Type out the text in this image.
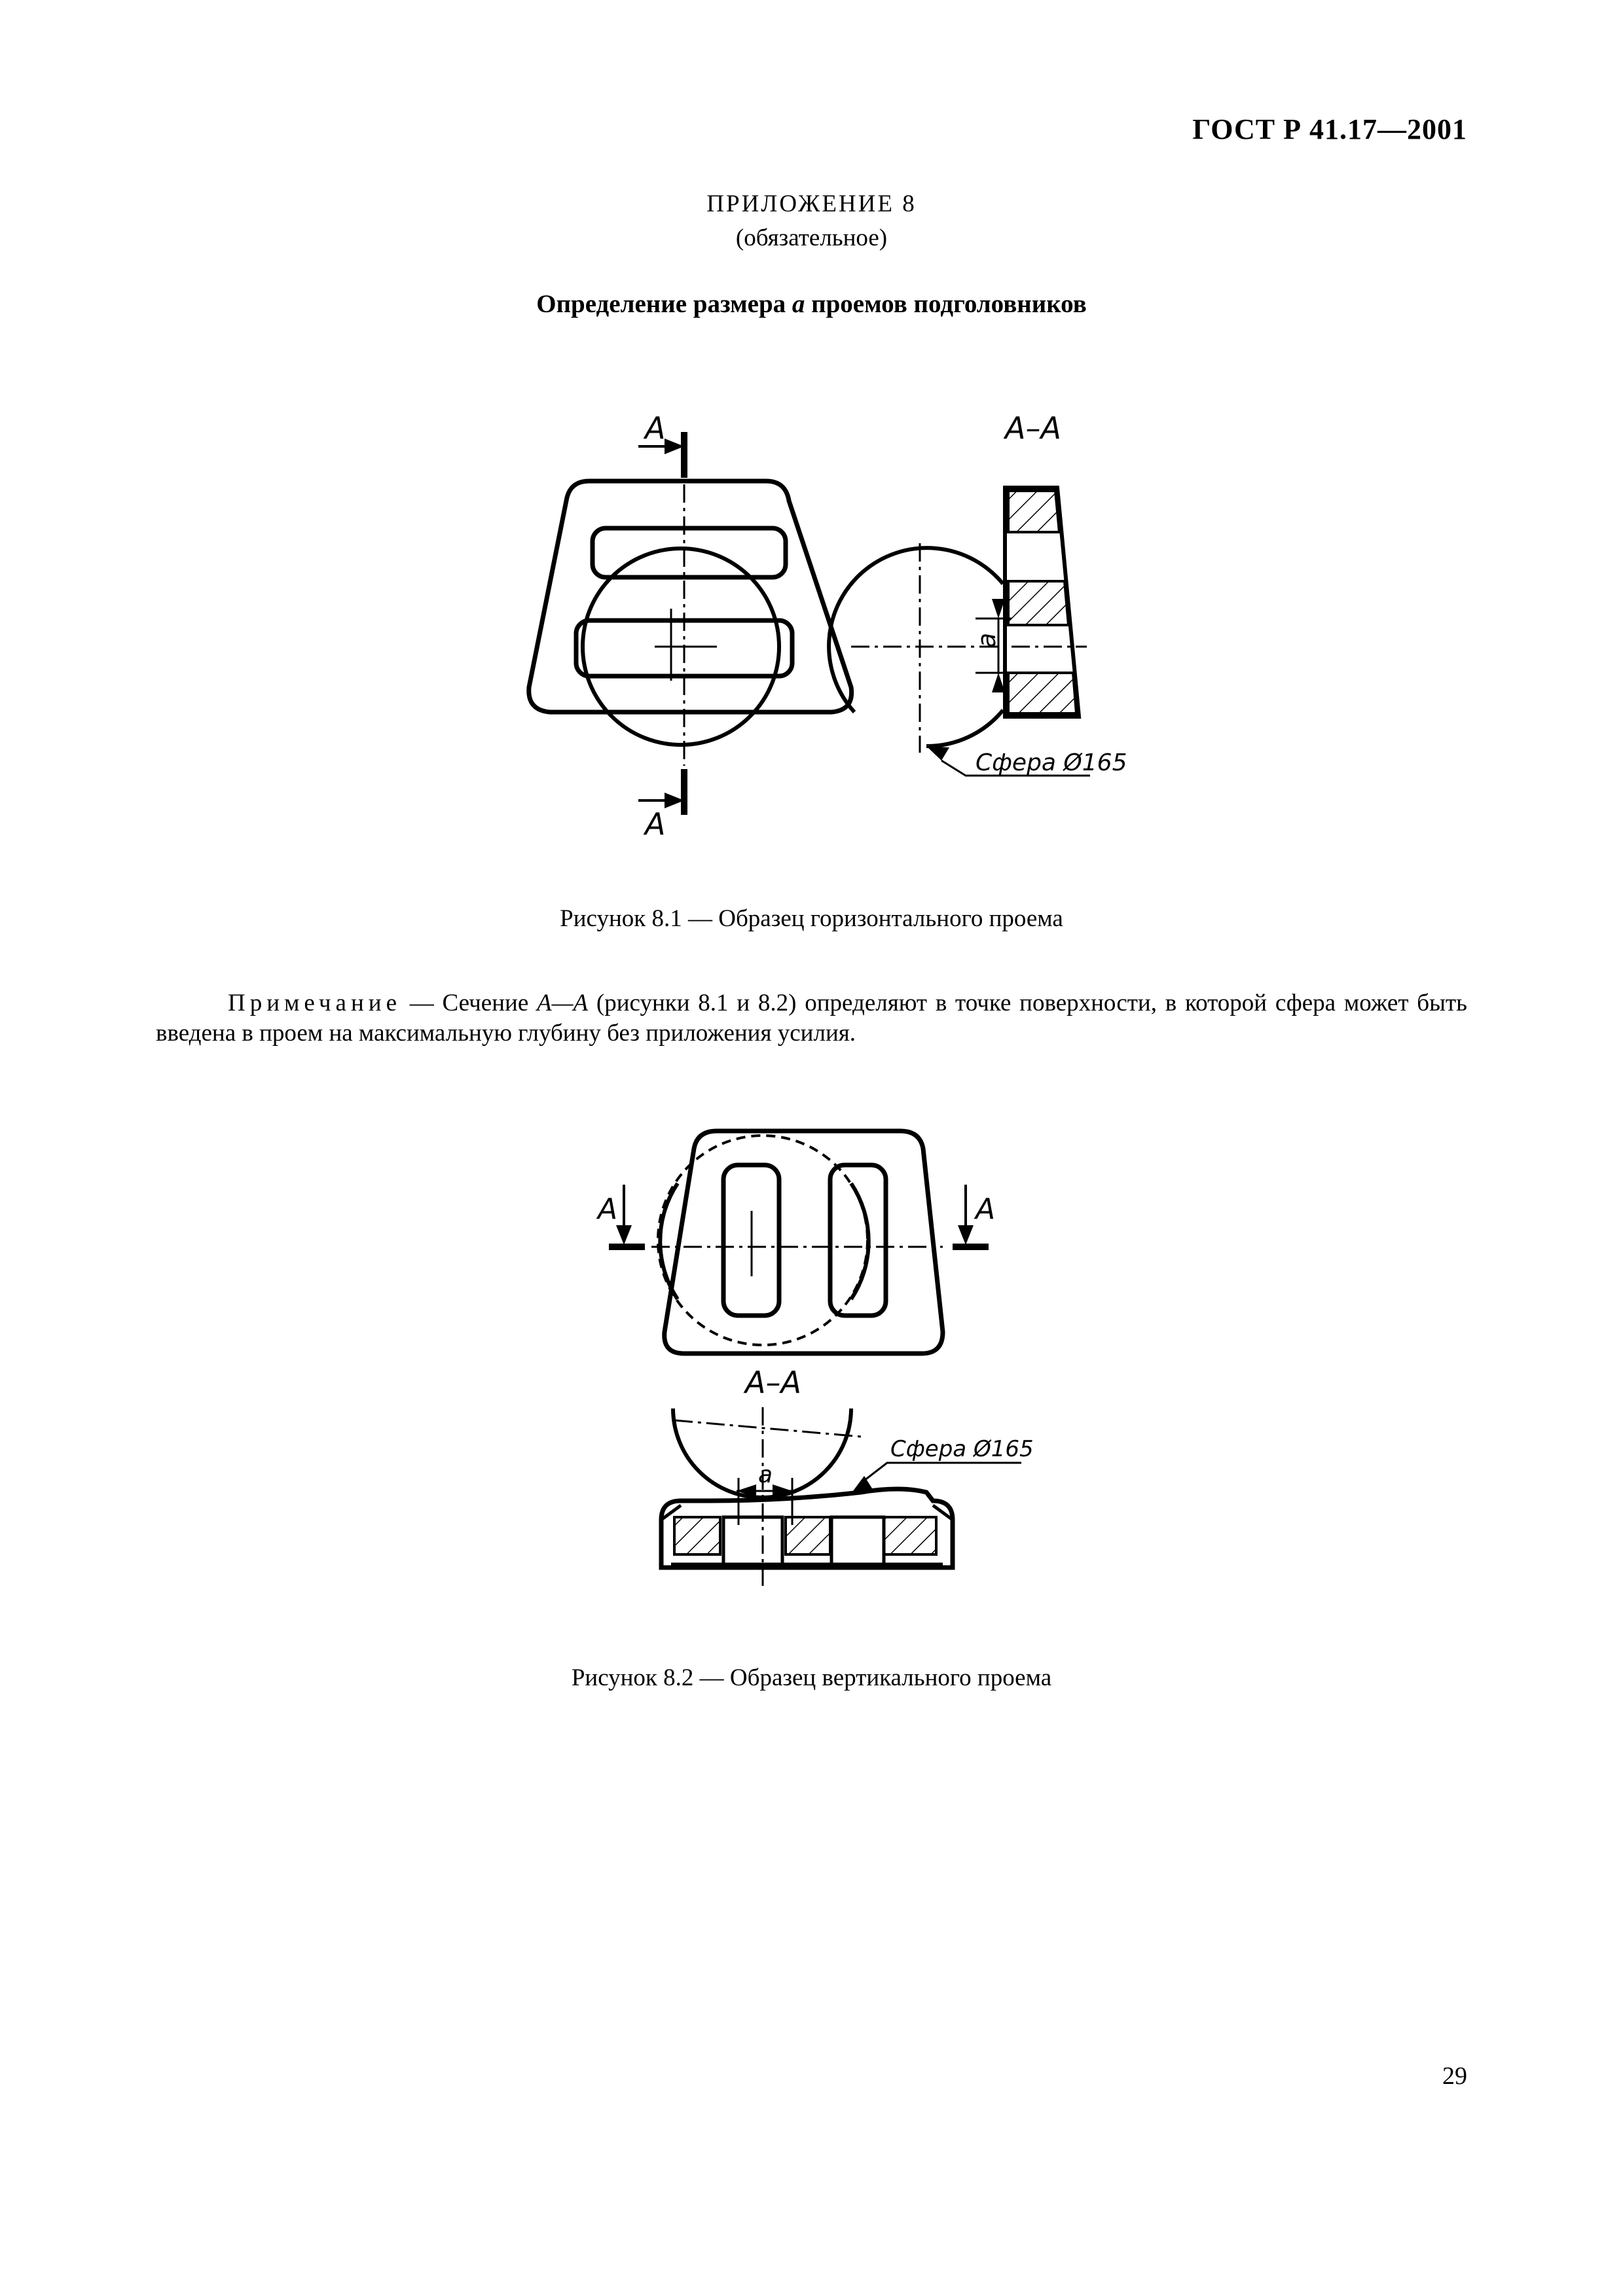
ГОСТ Р 41.17—2001
ПРИЛОЖЕНИЕ 8
(обязательное)
Определение размера a проемов подголовников
A
A
A–A
a
Сфера Ø165
Рисунок 8.1 — Образец горизонтального проема
Примечание — Сечение А—А (рисунки 8.1 и 8.2) определяют в точке поверхности, в которой сфера может быть введена в проем на максимальную глубину без приложения усилия.
A	A
A–A
a
Сфера Ø165
Рисунок 8.2 — Образец вертикального проема
29
